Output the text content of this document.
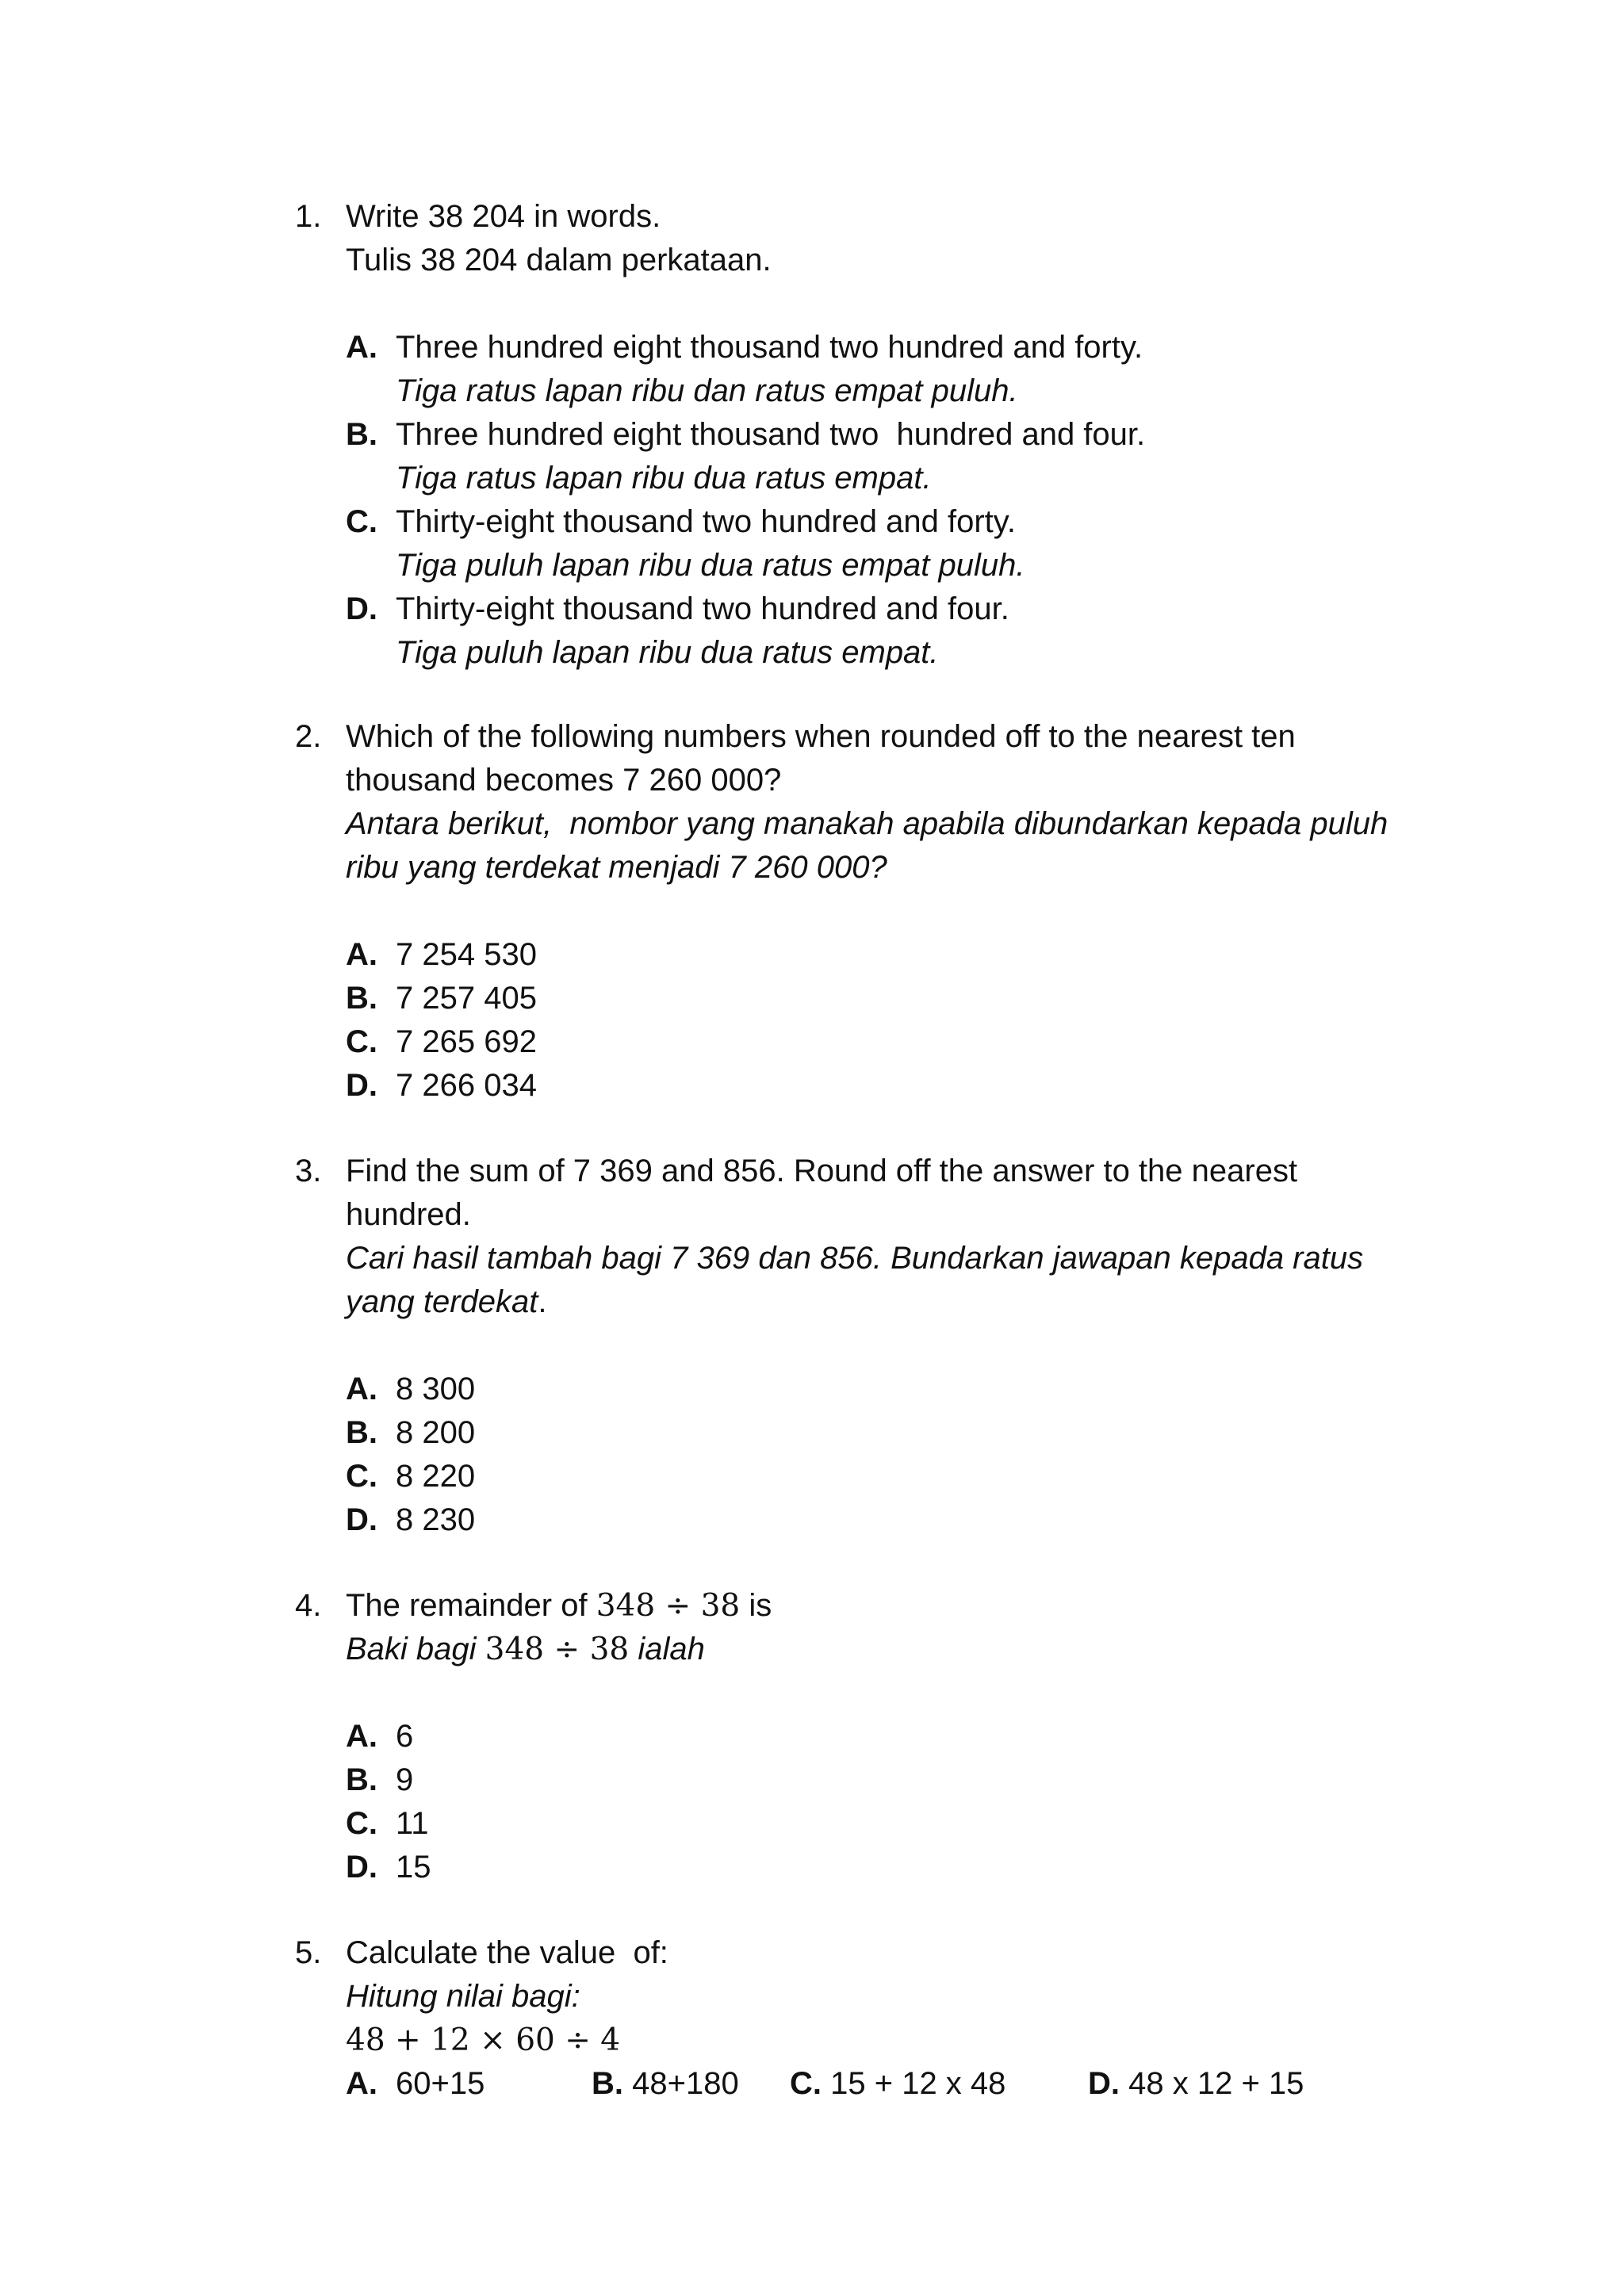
1. Write 38 204 in words.
Tulis 38 204 dalam perkataan.
A. Three hundred eight thousand two hundred and forty.
Tiga ratus lapan ribu dan ratus empat puluh.
B. Three hundred eight thousand two  hundred and four.
Tiga ratus lapan ribu dua ratus empat.
C. Thirty-eight thousand two hundred and forty.
Tiga puluh lapan ribu dua ratus empat puluh.
D. Thirty-eight thousand two hundred and four.
Tiga puluh lapan ribu dua ratus empat.
2. Which of the following numbers when rounded off to the nearest ten
thousand becomes 7 260 000?
Antara berikut,  nombor yang manakah apabila dibundarkan kepada puluh
ribu yang terdekat menjadi 7 260 000?
A. 7 254 530
B. 7 257 405
C. 7 265 692
D. 7 266 034
3. Find the sum of 7 369 and 856. Round off the answer to the nearest
hundred.
Cari hasil tambah bagi 7 369 dan 856. Bundarkan jawapan kepada ratus
yang terdekat.
A. 8 300
B. 8 200
C. 8 220
D. 8 230
4. The remainder of 348 ÷ 38 is
Baki bagi 348 ÷ 38 ialah
A. 6
B. 9
C. 11
D. 15
5. Calculate the value  of:
Hitung nilai bagi:
48 + 12 × 60 ÷ 4
A. 60+15	B. 48+180 C. 15 + 12 x 48	D. 48 x 12 + 15
